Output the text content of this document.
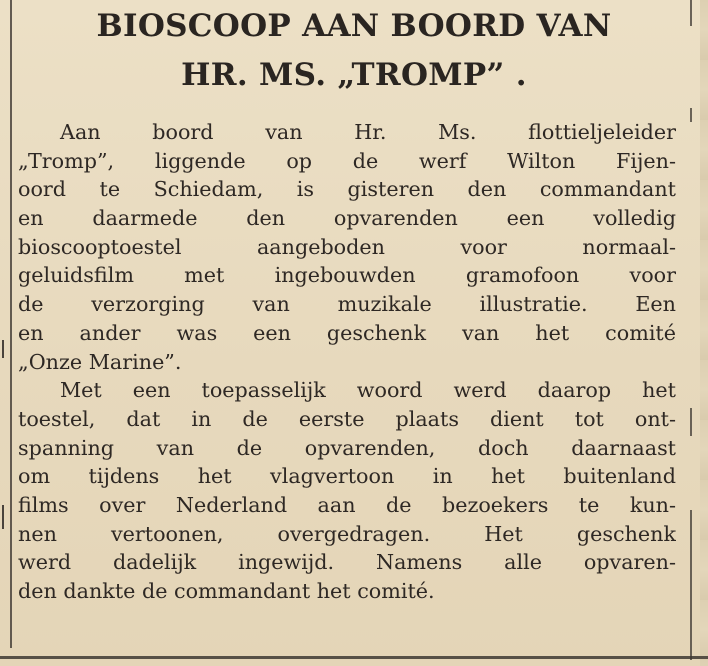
BIOSCOOP AAN BOORD VAN
HR. MS. „TROMP” .

Aan boord van Hr. Ms. flottieljeleider
„Tromp”, liggende op de werf Wilton Fijen-
oord te Schiedam, is gisteren den commandant
en daarmede den opvarenden een volledig
bioscooptoestel aangeboden voor normaal-
geluidsfilm met ingebouwden gramofoon voor
de verzorging van muzikale illustratie. Een
en ander was een geschenk van het comité
„Onze Marine”.

Met een toepasselijk woord werd daarop het
toestel, dat in de eerste plaats dient tot ont-
spanning van de opvarenden, doch daarnaast
om tijdens het vlagvertoon in het buitenland
films over Nederland aan de bezoekers te kun-
nen vertoonen, overgedragen. Het geschenk
werd dadelijk ingewijd. Namens alle opvaren-
den dankte de commandant het comité.
